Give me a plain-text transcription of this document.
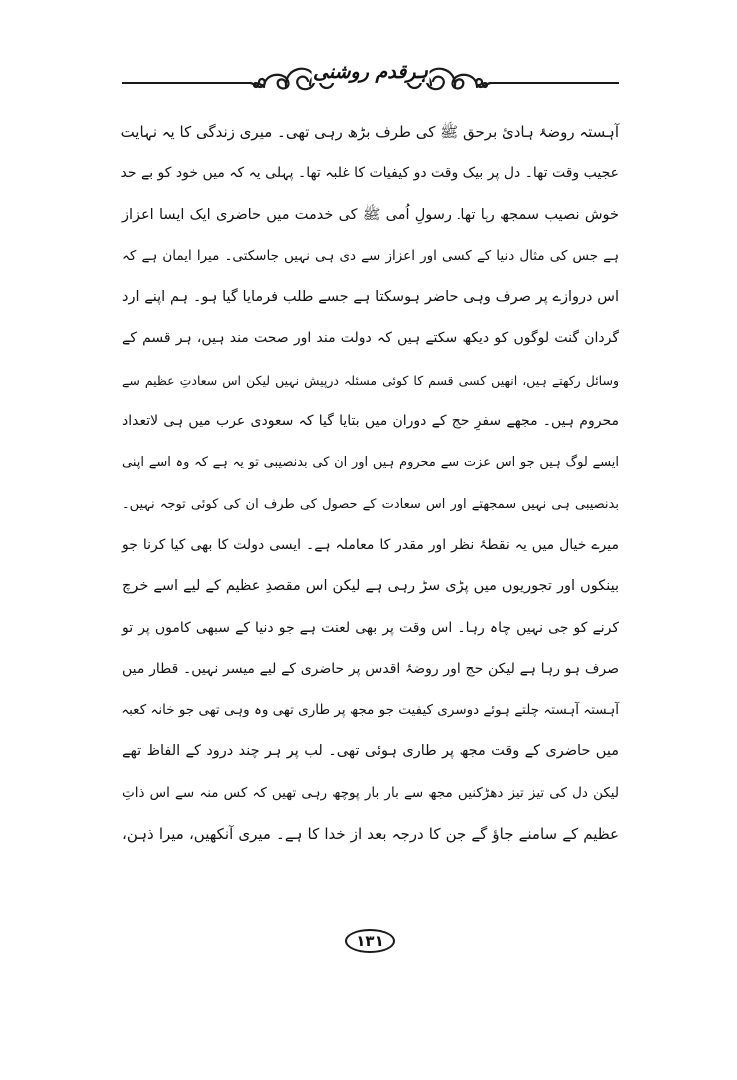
ہرقدم روشنی
آہستہ روضۂ ہادیٔ برحق ﷺ کی طرف بڑھ رہی تھی۔ میری زندگی کا یہ نہایت
عجیب وقت تھا۔ دل پر بیک وقت دو کیفیات کا غلبہ تھا۔ پہلی یہ کہ میں خود کو بے حد
خوش نصیب سمجھ رہا تھا۔ رسولِ اُمی ﷺ کی خدمت میں حاضری ایک ایسا اعزاز
ہے جس کی مثال دنیا کے کسی اور اعزاز سے دی ہی نہیں جاسکتی۔ میرا ایمان ہے کہ
اس دروازے پر صرف وہی حاضر ہوسکتا ہے جسے طلب فرمایا گیا ہو۔ ہم اپنے ارد
گردان گنت لوگوں کو دیکھ سکتے ہیں کہ دولت مند اور صحت مند ہیں، ہر قسم کے
وسائل رکھتے ہیں، انھیں کسی قسم کا کوئی مسئلہ درپیش نہیں لیکن اس سعادتِ عظیم سے
محروم ہیں۔ مجھے سفرِ حج کے دوران میں بتایا گیا کہ سعودی عرب میں ہی لاتعداد
ایسے لوگ ہیں جو اس عزت سے محروم ہیں اور ان کی بدنصیبی تو یہ ہے کہ وہ اسے اپنی
بدنصیبی ہی نہیں سمجھتے اور اس سعادت کے حصول کی طرف ان کی کوئی توجہ نہیں۔
میرے خیال میں یہ نقطۂ نظر اور مقدر کا معاملہ ہے۔ ایسی دولت کا بھی کیا کرنا جو
بینکوں اور تجوریوں میں پڑی سڑ رہی ہے لیکن اس مقصدِ عظیم کے لیے اسے خرچ
کرنے کو جی نہیں چاہ رہا۔ اس وقت پر بھی لعنت ہے جو دنیا کے سبھی کاموں پر تو
صرف ہو رہا ہے لیکن حج اور روضۂ اقدس پر حاضری کے لیے میسر نہیں۔ قطار میں
آہستہ آہستہ چلتے ہوئے دوسری کیفیت جو مجھ پر طاری تھی وہ وہی تھی جو خانہ کعبہ
میں حاضری کے وقت مجھ پر طاری ہوئی تھی۔ لب پر ہر چند درود کے الفاظ تھے
لیکن دل کی تیز تیز دھڑکنیں مجھ سے بار بار پوچھ رہی تھیں کہ کس منہ سے اس ذاتِ
عظیم کے سامنے جاؤ گے جن کا درجہ بعد از خدا کا ہے۔ میری آنکھیں، میرا ذہن،
۱۳۱
